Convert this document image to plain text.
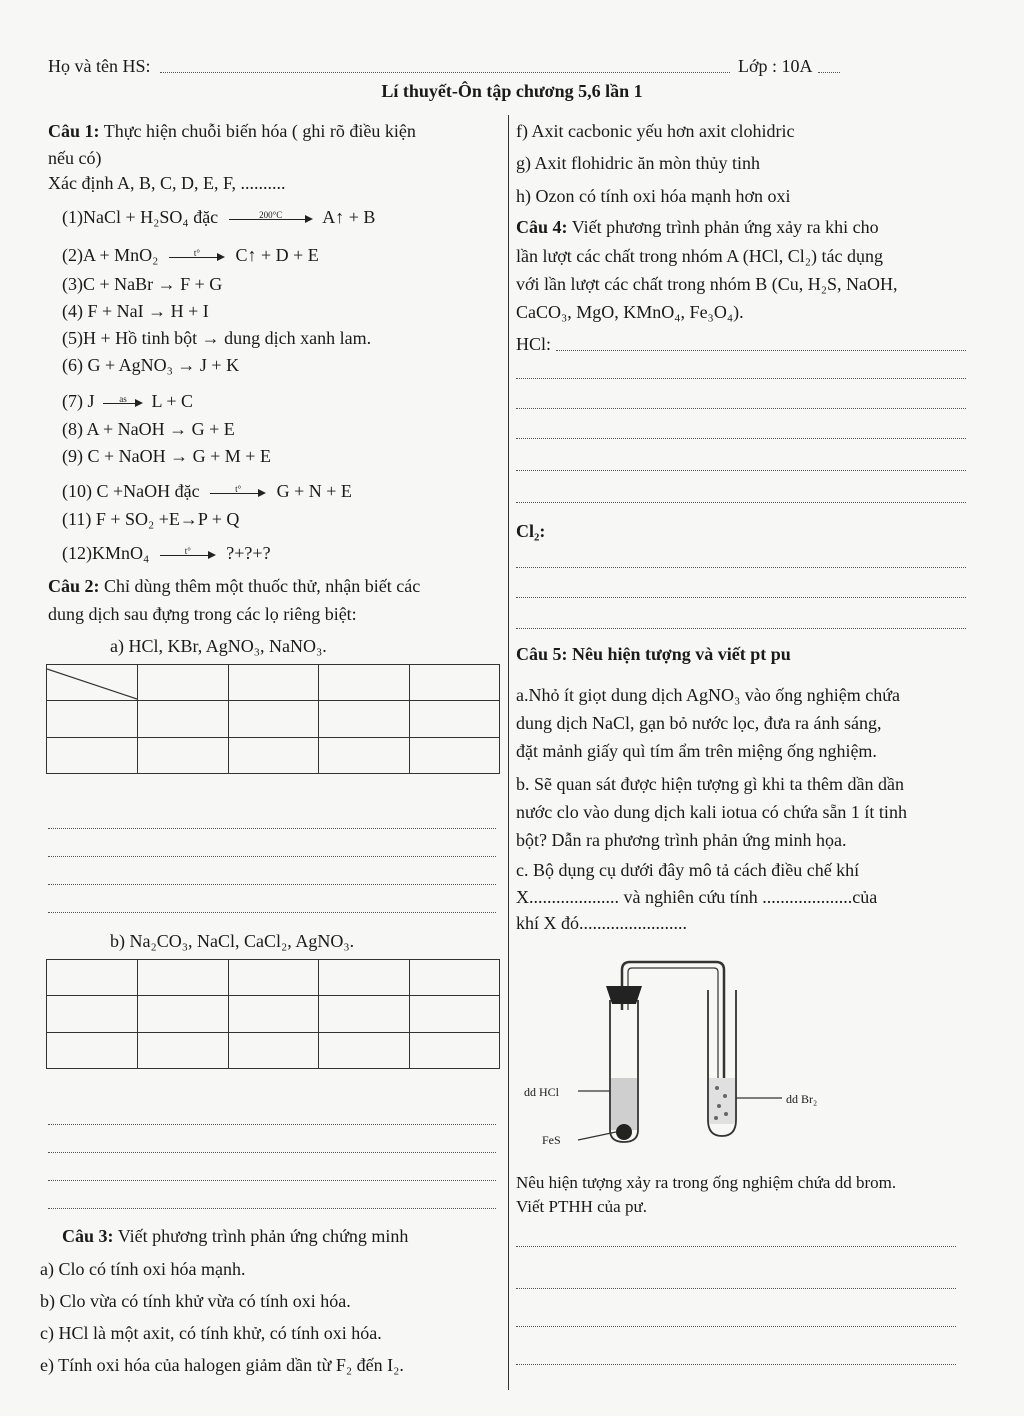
Họ và tên HS:	Lớp : 10A
Lí thuyết-Ôn tập chương 5,6 lần 1
Câu 1: Thực hiện chuỗi biến hóa ( ghi rõ điều kiện
nếu có)
Xác định A, B, C, D, E, F, ..........
(1)NaCl + H₂SO₄ đặc	200°C	A↑ + B
(2)A + MnO₂	t°	C↑ + D + E
(3)C + NaBr → F + G
(4) F + NaI → H + I
(5)H + Hồ tinh bột → dung dịch xanh lam.
(6) G + AgNO₃ → J + K
(7) J	as	L + C
(8) A + NaOH → G + E
(9) C + NaOH → G + M + E
(10) C +NaOH đặc	t°	G + N + E
(11) F + SO₂ +E→P + Q
(12)KMnO₄	t°	?+?+?
Câu 2: Chỉ dùng thêm một thuốc thử, nhận biết các
dung dịch sau đựng trong các lọ riêng biệt:
a) HCl, KBr, AgNO₃, NaNO₃.

b) Na₂CO₃, NaCl, CaCl₂, AgNO₃.

Câu 3: Viết phương trình phản ứng chứng minh
a) Clo có tính oxi hóa mạnh.
b) Clo vừa có tính khử vừa có tính oxi hóa.
c) HCl là một axit, có tính khử, có tính oxi hóa.
e) Tính oxi hóa của halogen giảm dần từ F₂ đến I₂.
f) Axit cacbonic yếu hơn axit clohidric
g) Axit flohidric ăn mòn thủy tinh
h) Ozon có tính oxi hóa mạnh hơn oxi
Câu 4: Viết phương trình phản ứng xảy ra khi cho
lần lượt các chất trong nhóm A (HCl, Cl₂) tác dụng
với lần lượt các chất trong nhóm B (Cu, H₂S, NaOH,
CaCO₃, MgO, KMnO₄, Fe₃O₄).
HCl:
Cl₂:
Câu 5: Nêu hiện tượng và viết pt pu
a.Nhỏ ít giọt dung dịch AgNO₃ vào ống nghiệm chứa
dung dịch NaCl, gạn bỏ nước lọc, đưa ra ánh sáng,
đặt mảnh giấy quì tím ẩm trên miệng ống nghiệm.
b. Sẽ quan sát được hiện tượng gì khi ta thêm dần dần
nước clo vào dung dịch kali iotua có chứa sẵn 1 ít tinh
bột? Dẫn ra phương trình phản ứng minh họa.
c. Bộ dụng cụ dưới đây mô tả cách điều chế khí
X.................... và nghiên cứu tính ....................của
khí X đó........................
dd HCl
FeS
dd Br₂
Nêu hiện tượng xảy ra trong ống nghiệm chứa dd brom.
Viết PTHH của pư.
